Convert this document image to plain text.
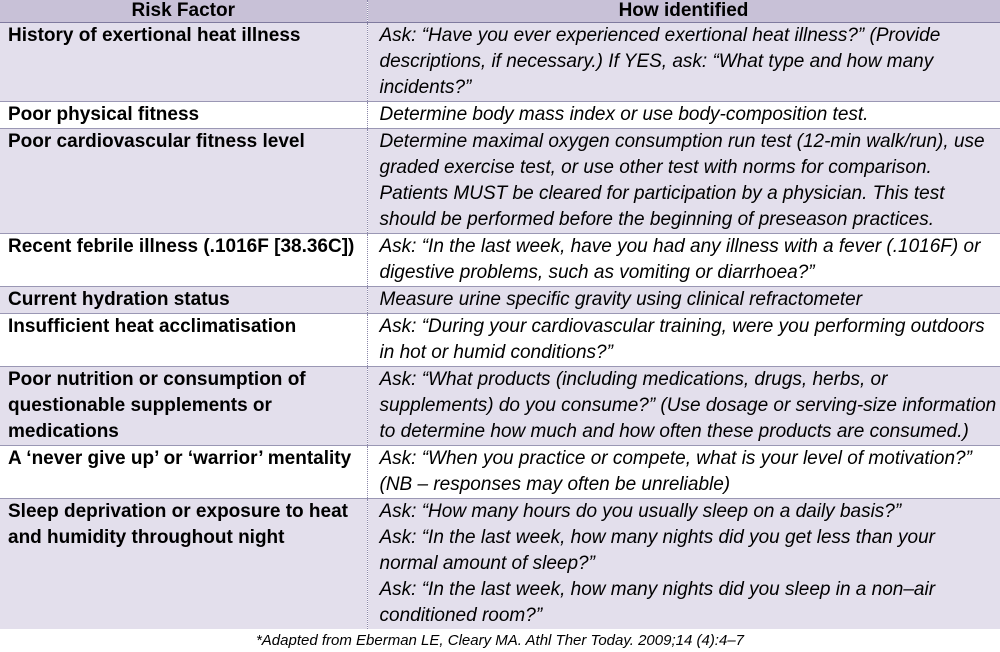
Risk Factor	How identified

History of exertional heat illness	Ask: “Have you ever experienced exertional heat illness?” (Provide
descriptions, if necessary.) If YES, ask: “What type and how many
incidents?”

Poor physical fitness	Determine body mass index or use body-composition test.

Poor cardiovascular fitness level	Determine maximal oxygen consumption run test (12-min walk/run), use
graded exercise test, or use other test with norms for comparison.
Patients MUST be cleared for participation by a physician. This test
should be performed before the beginning of preseason practices.

Recent febrile illness (.1016F [38.36C])	Ask: “In the last week, have you had any illness with a fever (.1016F) or
digestive problems, such as vomiting or diarrhoea?”

Current hydration status	Measure urine specific gravity using clinical refractometer

Insufficient heat acclimatisation	Ask: “During your cardiovascular training, were you performing outdoors
in hot or humid conditions?”

Poor nutrition or consumption of
questionable supplements or
medications	Ask: “What products (including medications, drugs, herbs, or
supplements) do you consume?” (Use dosage or serving-size information
to determine how much and how often these products are consumed.)

A ‘never give up’ or ‘warrior’ mentality	Ask: “When you practice or compete, what is your level of motivation?”
(NB – responses may often be unreliable)

Sleep deprivation or exposure to heat
and humidity throughout night	Ask: “How many hours do you usually sleep on a daily basis?”
Ask: “In the last week, how many nights did you get less than your
normal amount of sleep?”
Ask: “In the last week, how many nights did you sleep in a non–air
conditioned room?”
*Adapted from Eberman LE, Cleary MA. Athl Ther Today. 2009;14 (4):4–7
